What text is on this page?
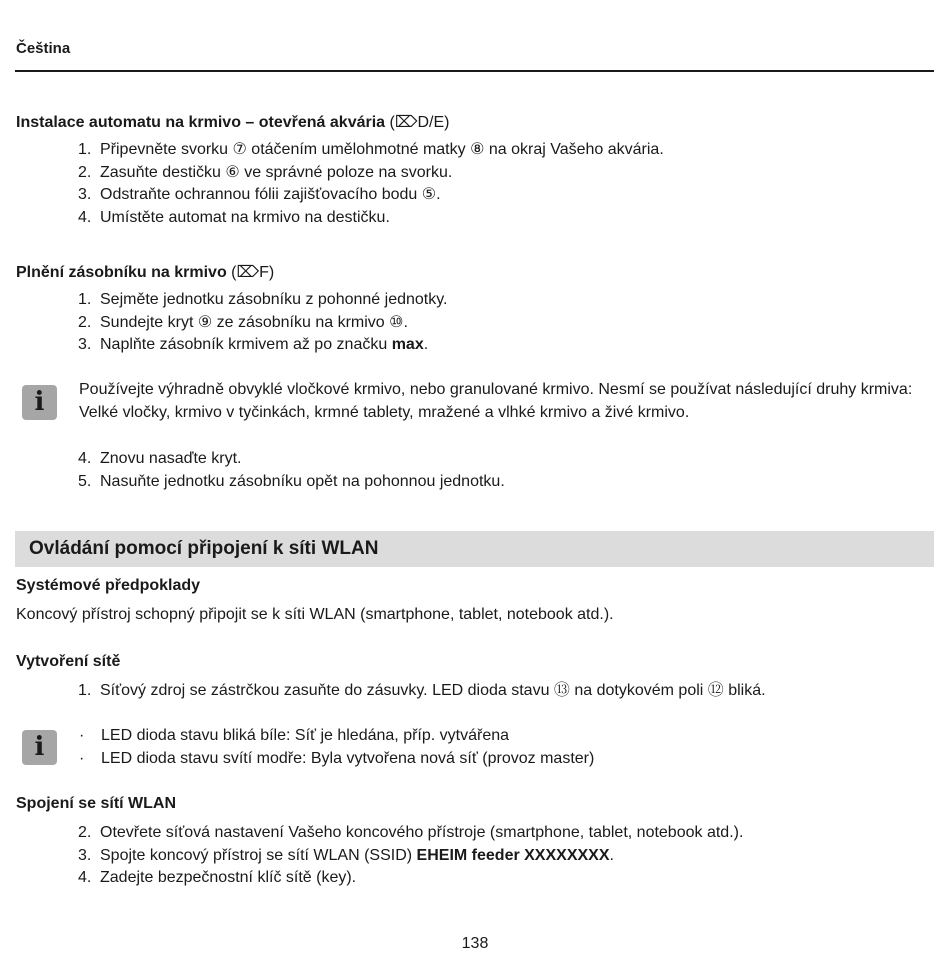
Čeština
Instalace automatu na krmivo – otevřená akvária (⌦D/E)
1. Připevněte svorku ⑦ otáčením umělohmotné matky ⑧ na okraj Vašeho akvária.
2. Zasuňte destičku ⑥ ve správné poloze na svorku.
3. Odstraňte ochrannou fólii zajišťovacího bodu ⑤.
4. Umístěte automat na krmivo na destičku.
Plnění zásobníku na krmivo (⌦F)
1. Sejměte jednotku zásobníku z pohonné jednotky.
2. Sundejte kryt ⑨ ze zásobníku na krmivo ⑩.
3. Naplňte zásobník krmivem až po značku max.
i	Používejte výhradně obvyklé vločkové krmivo, nebo granulované krmivo. Nesmí se používat následující druhy krmiva: Velké vločky, krmivo v tyčinkách, krmné tablety, mražené a vlhké krmivo a živé krmivo.
4. Znovu nasaďte kryt.
5. Nasuňte jednotku zásobníku opět na pohonnou jednotku.
Ovládání pomocí připojení k síti WLAN
Systémové předpoklady
Koncový přístroj schopný připojit se k síti WLAN (smartphone, tablet, notebook atd.).
Vytvoření sítě
1. Síťový zdroj se zástrčkou zasuňte do zásuvky. LED dioda stavu ⑬ na dotykovém poli ⑫ bliká.
i	· LED dioda stavu bliká bíle: Síť je hledána, příp. vytvářena
· LED dioda stavu svítí modře: Byla vytvořena nová síť (provoz master)
Spojení se sítí WLAN
2. Otevřete síťová nastavení Vašeho koncového přístroje (smartphone, tablet, notebook atd.).
3. Spojte koncový přístroj se sítí WLAN (SSID) EHEIM feeder XXXXXXXX.
4. Zadejte bezpečnostní klíč sítě (key).
138
